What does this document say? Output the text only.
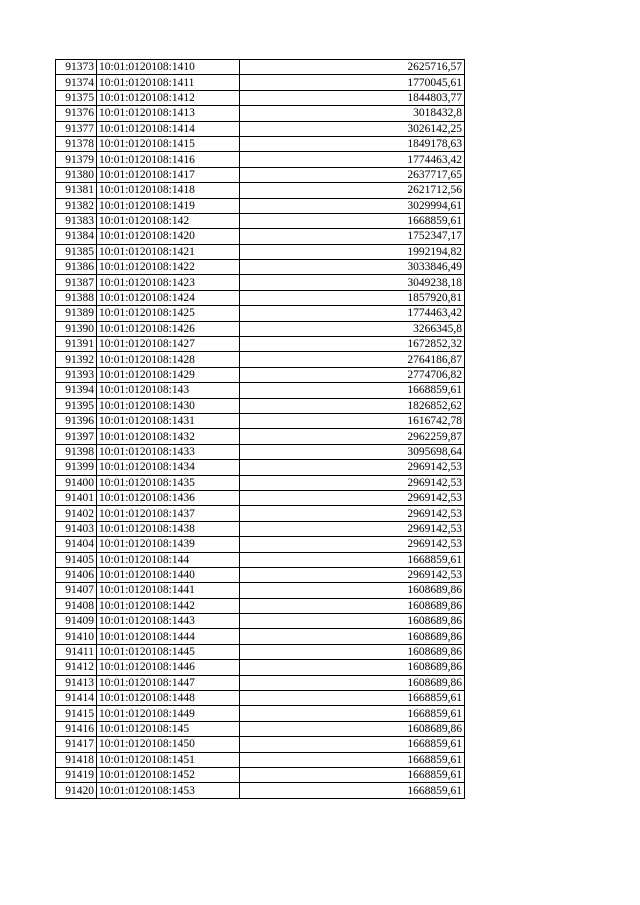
91373	10:01:0120108:1410	2625716,57
91374	10:01:0120108:1411	1770045,61
91375	10:01:0120108:1412	1844803,77
91376	10:01:0120108:1413	3018432,8
91377	10:01:0120108:1414	3026142,25
91378	10:01:0120108:1415	1849178,63
91379	10:01:0120108:1416	1774463,42
91380	10:01:0120108:1417	2637717,65
91381	10:01:0120108:1418	2621712,56
91382	10:01:0120108:1419	3029994,61
91383	10:01:0120108:142	1668859,61
91384	10:01:0120108:1420	1752347,17
91385	10:01:0120108:1421	1992194,82
91386	10:01:0120108:1422	3033846,49
91387	10:01:0120108:1423	3049238,18
91388	10:01:0120108:1424	1857920,81
91389	10:01:0120108:1425	1774463,42
91390	10:01:0120108:1426	3266345,8
91391	10:01:0120108:1427	1672852,32
91392	10:01:0120108:1428	2764186,87
91393	10:01:0120108:1429	2774706,82
91394	10:01:0120108:143	1668859,61
91395	10:01:0120108:1430	1826852,62
91396	10:01:0120108:1431	1616742,78
91397	10:01:0120108:1432	2962259,87
91398	10:01:0120108:1433	3095698,64
91399	10:01:0120108:1434	2969142,53
91400	10:01:0120108:1435	2969142,53
91401	10:01:0120108:1436	2969142,53
91402	10:01:0120108:1437	2969142,53
91403	10:01:0120108:1438	2969142,53
91404	10:01:0120108:1439	2969142,53
91405	10:01:0120108:144	1668859,61
91406	10:01:0120108:1440	2969142,53
91407	10:01:0120108:1441	1608689,86
91408	10:01:0120108:1442	1608689,86
91409	10:01:0120108:1443	1608689,86
91410	10:01:0120108:1444	1608689,86
91411	10:01:0120108:1445	1608689,86
91412	10:01:0120108:1446	1608689,86
91413	10:01:0120108:1447	1608689,86
91414	10:01:0120108:1448	1668859,61
91415	10:01:0120108:1449	1668859,61
91416	10:01:0120108:145	1608689,86
91417	10:01:0120108:1450	1668859,61
91418	10:01:0120108:1451	1668859,61
91419	10:01:0120108:1452	1668859,61
91420	10:01:0120108:1453	1668859,61
